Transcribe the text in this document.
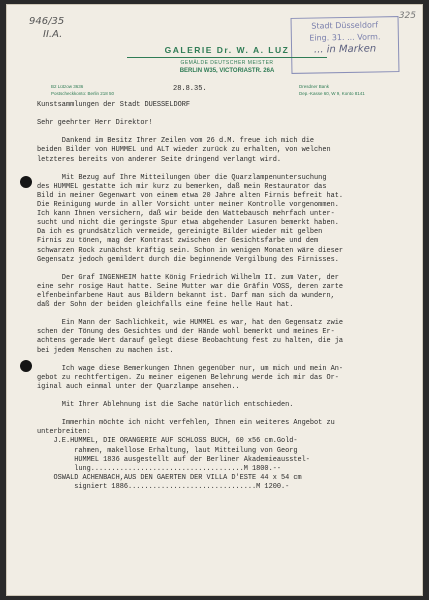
946/35
II.A.
325
Stadt Düsseldorf
Eing. 31. ... Vorm.
... in Marken
GALERIE Dr. W. A. LUZ
GEMÄLDE DEUTSCHER MEISTER
BERLIN W35, VICTORIASTR. 26A
B2 Lützow 3636
Postscheckkonto: Berlin 218 50
Dresdner Bank
Dep.-Kasse 60, W 9, Konto 8141
28.8.35.
Kunstsammlungen der Stadt DUESSELDORF
Sehr geehrter Herr Direktor!
Dankend im Besitz Ihrer Zeilen vom 26 d.M. freue ich mich die
beiden Bilder von HUMMEL und ALT wieder zurück zu erhalten, von welchen
letzteres bereits von anderer Seite dringend verlangt wird.
Mit Bezug auf Ihre Mitteilungen über die Quarzlampenuntersuchung
des HUMMEL gestatte ich mir kurz zu bemerken, daß mein Restaurator das
Bild in meiner Gegenwart von einem etwa 20 Jahre alten Firnis befreit hat.
Die Reinigung wurde in aller Vorsicht unter meiner Kontrolle vorgenommen.
Ich kann Ihnen versichern, daß wir beide den Wattebausch mehrfach unter-
sucht und nicht die geringste Spur etwa abgehender Lasuren bemerkt haben.
Da ich es grundsätzlich vermeide, gereinigte Bilder wieder mit gelben
Firnis zu tönen, mag der Kontrast zwischen der Gesichtsfarbe und dem
schwarzen Rock zunächst kräftig sein. Schon in wenigen Monaten wäre dieser
Gegensatz jedoch gemildert durch die beginnende Vergilbung des Firnisses.
Der Graf INGENHEIM hatte König Friedrich Wilhelm II. zum Vater, der
eine sehr rosige Haut hatte. Seine Mutter war die Gräfin VOSS, deren zarte
elfenbeinfarbene Haut aus Bildern bekannt ist. Darf man sich da wundern,
daß der Sohn der beiden gleichfalls eine feine helle Haut hat.
Ein Mann der Sachlichkeit, wie HUMMEL es war, hat den Gegensatz zwie
schen der Tönung des Gesichtes und der Hände wohl bemerkt und meines Er-
achtens gerade Wert darauf gelegt diese Beobachtung fest zu halten, die ja
bei jedem Menschen zu machen ist.
Ich wage diese Bemerkungen Ihnen gegenüber nur, um mich und mein An-
gebot zu rechtfertigen. Zu meiner eigenen Belehrung werde ich mir das Or-
iginal auch einmal unter der Quarzlampe ansehen..
Mit Ihrer Ablehnung ist die Sache natürlich entschieden.
Immerhin möchte ich nicht verfehlen, Ihnen ein weiteres Angebot zu
unterbreiten:
J.E.HUMMEL, DIE ORANGERIE AUF SCHLOSS BUCH, 60 x56 cm.Gold-
rahmen, makellose Erhaltung, laut Mitteilung von Georg
HUMMEL 1836 ausgestellt auf der Berliner Akademieausstel-
lung.....................................M 1800.--
OSWALD ACHENBACH,AUS DEN GAERTEN DER VILLA D'ESTE 44 x 54 cm
signiert 1886...............................M 1200.-
